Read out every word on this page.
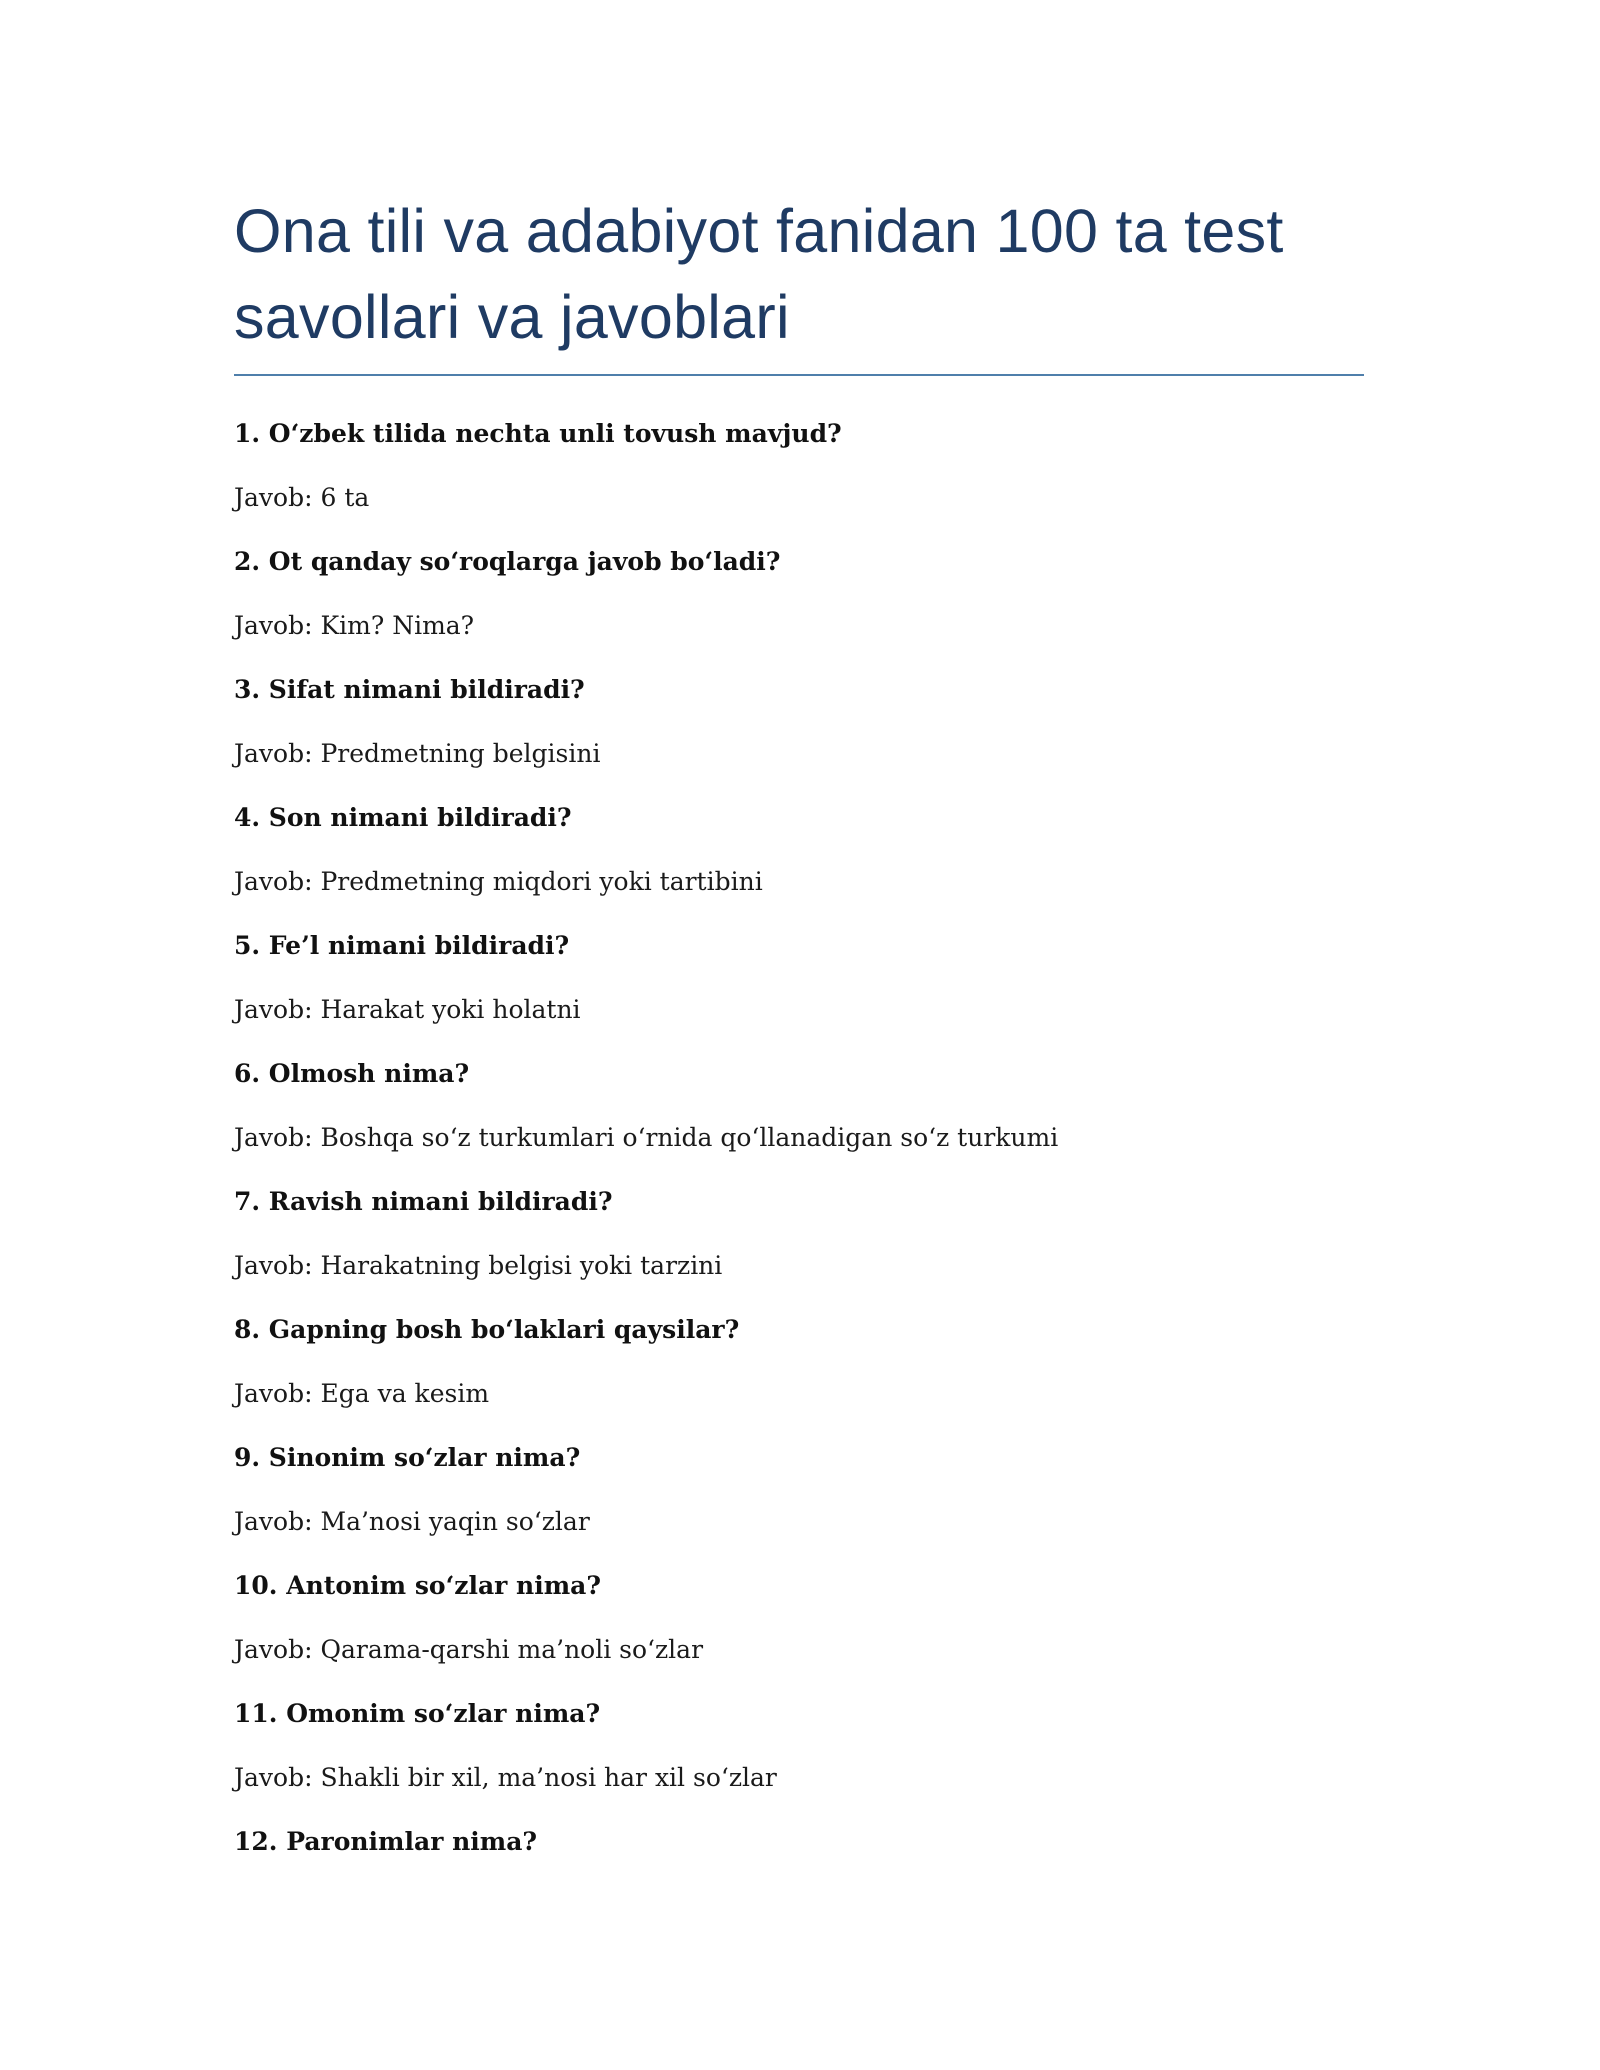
Ona tili va adabiyot fanidan 100 ta test
savollari va javoblari

1. O‘zbek tilida nechta unli tovush mavjud?

Javob: 6 ta

2. Ot qanday so‘roqlarga javob bo‘ladi?

Javob: Kim? Nima?

3. Sifat nimani bildiradi?

Javob: Predmetning belgisini

4. Son nimani bildiradi?

Javob: Predmetning miqdori yoki tartibini

5. Fe’l nimani bildiradi?

Javob: Harakat yoki holatni

6. Olmosh nima?

Javob: Boshqa so‘z turkumlari o‘rnida qo‘llanadigan so‘z turkumi

7. Ravish nimani bildiradi?

Javob: Harakatning belgisi yoki tarzini

8. Gapning bosh bo‘laklari qaysilar?

Javob: Ega va kesim

9. Sinonim so‘zlar nima?

Javob: Ma’nosi yaqin so‘zlar

10. Antonim so‘zlar nima?

Javob: Qarama-qarshi ma’noli so‘zlar

11. Omonim so‘zlar nima?

Javob: Shakli bir xil, ma’nosi har xil so‘zlar

12. Paronimlar nima?
